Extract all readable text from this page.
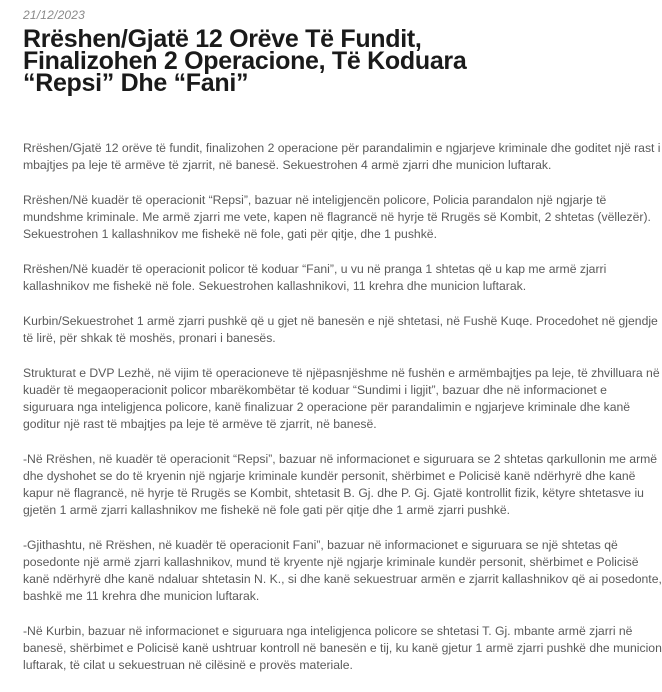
21/12/2023
Rrëshen/Gjatë 12 Orëve Të Fundit,
Finalizohen 2 Operacione, Të Koduara
“Repsi” Dhe “Fani”

Rrëshen/Gjatë 12 orëve të fundit, finalizohen 2 operacione për parandalimin e ngjarjeve kriminale dhe goditet një rast i
mbajtjes pa leje të armëve të zjarrit, në banesë. Sekuestrohen 4 armë zjarri dhe municion luftarak.

Rrëshen/Në kuadër të operacionit “Repsi”, bazuar në inteligjencën policore, Policia parandalon një ngjarje të
mundshme kriminale. Me armë zjarri me vete, kapen në flagrancë në hyrje të Rrugës së Kombit, 2 shtetas (vëllezër).
Sekuestrohen 1 kallashnikov me fishekë në fole, gati për qitje, dhe 1 pushkë.

Rrëshen/Në kuadër të operacionit policor të koduar “Fani”, u vu në pranga 1 shtetas që u kap me armë zjarri
kallashnikov me fishekë në fole. Sekuestrohen kallashnikovi, 11 krehra dhe municion luftarak.

Kurbin/Sekuestrohet 1 armë zjarri pushkë që u gjet në banesën e një shtetasi, në Fushë Kuqe. Procedohet në gjendje
të lirë, për shkak të moshës, pronari i banesës.

Strukturat e DVP Lezhë, në vijim të operacioneve të njëpasnjëshme në fushën e armëmbajtjes pa leje, të zhvilluara në
kuadër të megaoperacionit policor mbarëkombëtar të koduar “Sundimi i ligjit”, bazuar dhe në informacionet e
siguruara nga inteligjenca policore, kanë finalizuar 2 operacione për parandalimin e ngjarjeve kriminale dhe kanë
goditur një rast të mbajtjes pa leje të armëve të zjarrit, në banesë.

-Në Rrëshen, në kuadër të operacionit “Repsi”, bazuar në informacionet e siguruara se 2 shtetas qarkullonin me armë
dhe dyshohet se do të kryenin një ngjarje kriminale kundër personit, shërbimet e Policisë kanë ndërhyrë dhe kanë
kapur në flagrancë, në hyrje të Rrugës se Kombit, shtetasit B. Gj. dhe P. Gj. Gjatë kontrollit fizik, këtyre shtetasve iu
gjetën 1 armë zjarri kallashnikov me fishekë në fole gati për qitje dhe 1 armë zjarri pushkë.

-Gjithashtu, në Rrëshen, në kuadër të operacionit Fani”, bazuar në informacionet e siguruara se një shtetas që
posedonte një armë zjarri kallashnikov, mund të kryente një ngjarje kriminale kundër personit, shërbimet e Policisë
kanë ndërhyrë dhe kanë ndaluar shtetasin N. K., si dhe kanë sekuestruar armën e zjarrit kallashnikov që ai posedonte,
bashkë me 11 krehra dhe municion luftarak.

-Në Kurbin, bazuar në informacionet e siguruara nga inteligjenca policore se shtetasi T. Gj. mbante armë zjarri në
banesë, shërbimet e Policisë kanë ushtruar kontroll në banesën e tij, ku kanë gjetur 1 armë zjarri pushkë dhe municion
luftarak, të cilat u sekuestruan në cilësinë e provës materiale.
